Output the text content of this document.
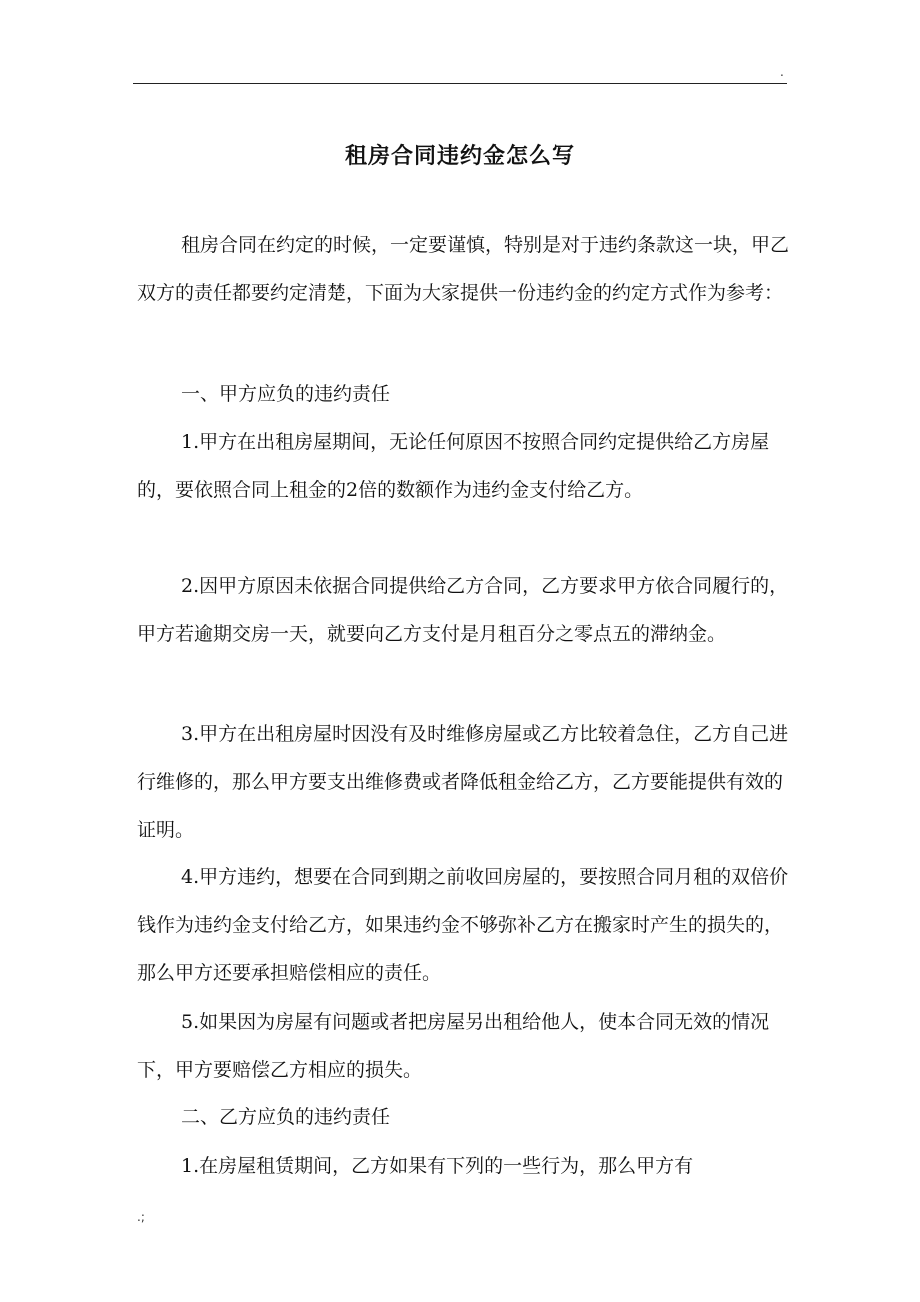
.
租房合同违约金怎么写

租房合同在约定的时候，一定要谨慎，特别是对于违约条款这一块，甲乙双方的责任都要约定清楚，下面为大家提供一份违约金的约定方式作为参考：

一、甲方应负的违约责任

1.甲方在出租房屋期间，无论任何原因不按照合同约定提供给乙方房屋的，要依照合同上租金的2倍的数额作为违约金支付给乙方。

2.因甲方原因未依据合同提供给乙方合同，乙方要求甲方依合同履行的，甲方若逾期交房一天，就要向乙方支付是月租百分之零点五的滞纳金。

3.甲方在出租房屋时因没有及时维修房屋或乙方比较着急住，乙方自己进行维修的，那么甲方要支出维修费或者降低租金给乙方，乙方要能提供有效的证明。

4.甲方违约，想要在合同到期之前收回房屋的，要按照合同月租的双倍价钱作为违约金支付给乙方，如果违约金不够弥补乙方在搬家时产生的损失的，那么甲方还要承担赔偿相应的责任。

5.如果因为房屋有问题或者把房屋另出租给他人，使本合同无效的情况下，甲方要赔偿乙方相应的损失。

二、乙方应负的违约责任

1.在房屋租赁期间，乙方如果有下列的一些行为，那么甲方有

.;
